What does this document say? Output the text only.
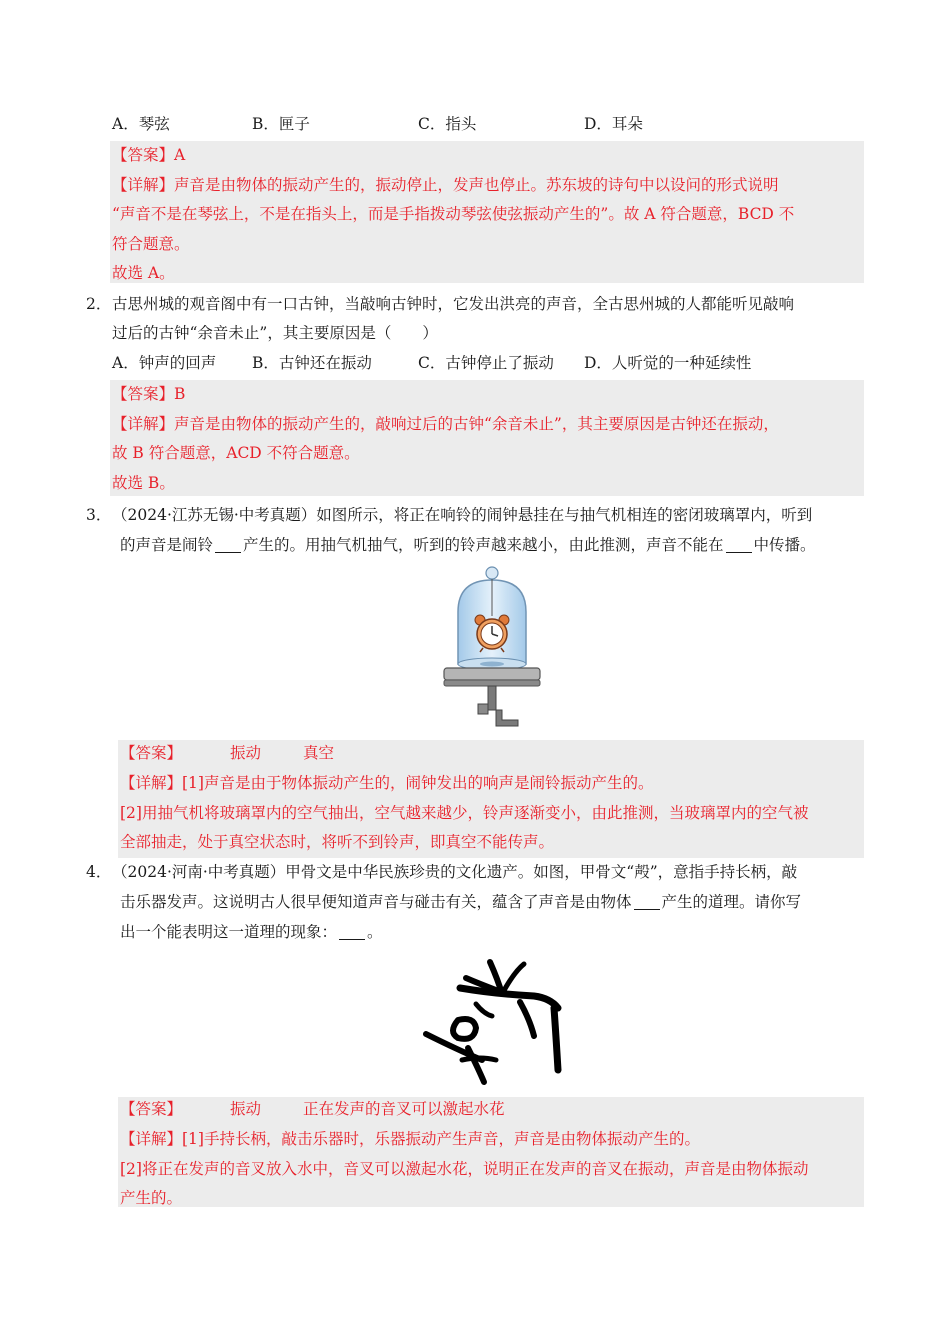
A．琴弦	B．匣子	C．指头	D．耳朵
【答案】A
【详解】声音是由物体的振动产生的，振动停止，发声也停止。苏东坡的诗句中以设问的形式说明
“声音不是在琴弦上，不是在指头上，而是手指拨动琴弦使弦振动产生的”。故 A 符合题意，BCD 不
符合题意。
故选 A。
2． 古思州城的观音阁中有一口古钟，当敲响古钟时，它发出洪亮的声音，全古思州城的人都能听见敲响
过后的古钟“余音未止”，其主要原因是（　　）
A．钟声的回声 B．古钟还在振动	C．古钟停止了振动 D．人听觉的一种延续性
【答案】B
【详解】声音是由物体的振动产生的，敲响过后的古钟“余音未止”，其主要原因是古钟还在振动，
故 B 符合题意，ACD 不符合题意。
故选 B。
3． （2024·江苏无锡·中考真题）如图所示，将正在响铃的闹钟悬挂在与抽气机相连的密闭玻璃罩内，听到
的声音是闹铃 产生的。用抽气机抽气，听到的铃声越来越小，由此推测，声音不能在 中传播。
【答案】	振动	真空
【详解】[1]声音是由于物体振动产生的，闹钟发出的响声是闹铃振动产生的。
[2]用抽气机将玻璃罩内的空气抽出，空气越来越少，铃声逐渐变小，由此推测，当玻璃罩内的空气被
全部抽走，处于真空状态时，将听不到铃声，即真空不能传声。
4． （2024·河南·中考真题）甲骨文是中华民族珍贵的文化遗产。如图，甲骨文“殸”，意指手持长柄，敲
击乐器发声。这说明古人很早便知道声音与碰击有关，蕴含了声音是由物体 产生的道理。请你写
出一个能表明这一道理的现象： 。
【答案】	振动	正在发声的音叉可以激起水花
【详解】[1]手持长柄，敲击乐器时，乐器振动产生声音，声音是由物体振动产生的。
[2]将正在发声的音叉放入水中，音叉可以激起水花，说明正在发声的音叉在振动，声音是由物体振动
产生的。
